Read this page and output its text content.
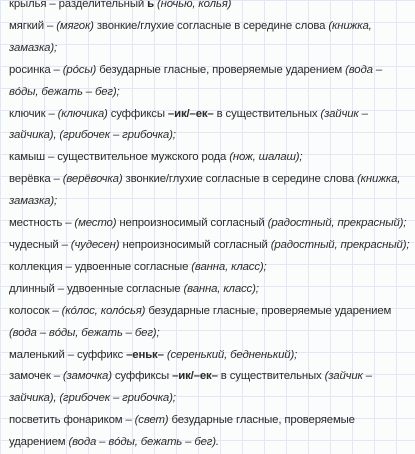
крылья – разделительный ь (ночью, колья)

мягкий – (мягок) звонкие/глухие согласные в середине слова (книжка, замазка);

росинка – (рóсы) безударные гласные, проверяемые ударением (вода – вóды, бежать – бег);

ключик – (ключика) суффиксы –ик/–ек– в существительных (зайчик – зайчика), (грибочек – грибочка);

камыш – существительное мужского рода (нож, шалаш);

верёвка – (верёвочка) звонкие/глухие согласные в середине слова (книжка, замазка);

местность – (место) непроизносимый согласный (радостный, прекрасный);

чудесный – (чудесен) непроизносимый согласный (радостный, прекрасный);

коллекция – удвоенные согласные (ванна, класс);

длинный – удвоенные согласные (ванна, класс);

колосок – (кóлос, колóсья) безударные гласные, проверяемые ударением (вода – вóды, бежать – бег);

маленький – суффикс –еньк– (серенький, бедненький);

замочек – (замочка) суффиксы –ик/–ек– в существительных (зайчик – зайчика), (грибочек – грибочка);

посветить фонариком – (свет) безударные гласные, проверяемые ударением (вода – вóды, бежать – бег).
